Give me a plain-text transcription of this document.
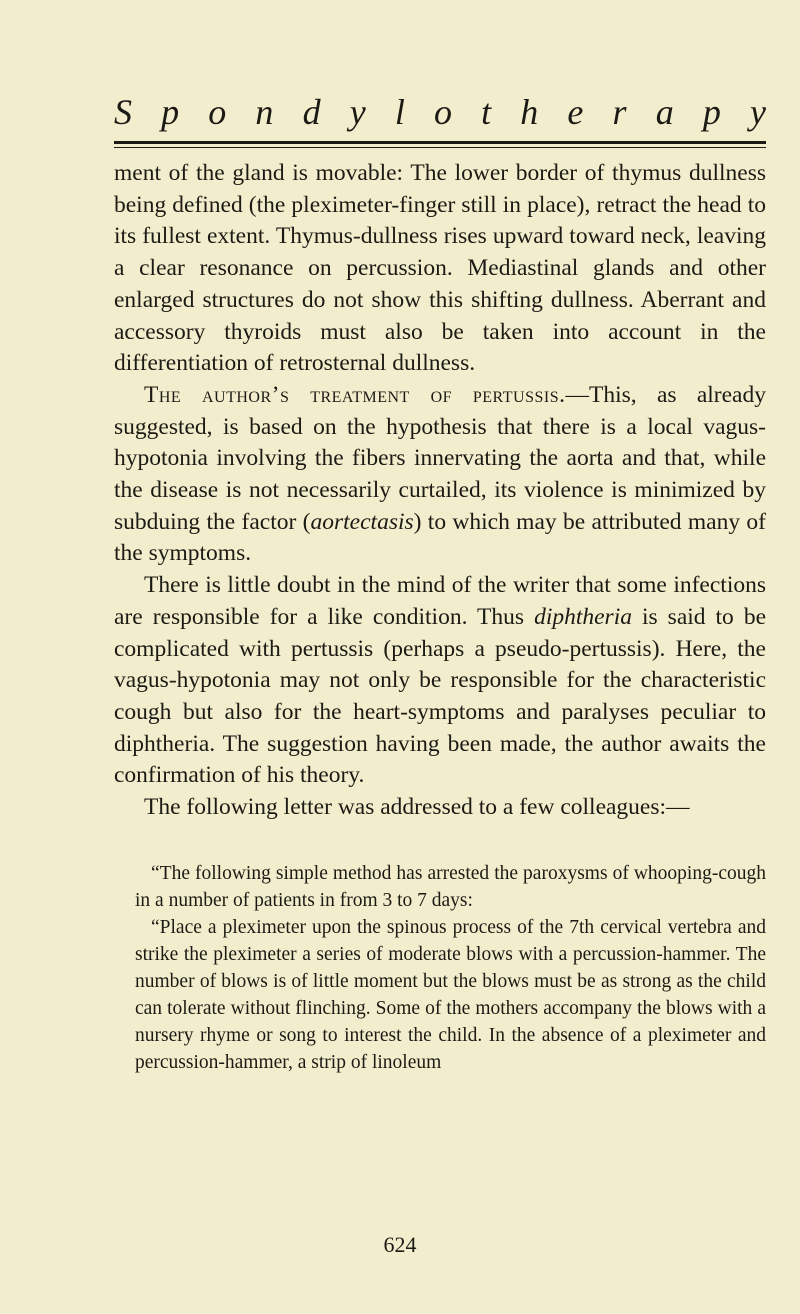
S p o n d y l o t h e r a p y

ment of the gland is movable: The lower border of thymus dullness being defined (the pleximeter-finger still in place), retract the head to its fullest extent. Thymus-dullness rises upward toward neck, leaving a clear resonance on percussion. Mediastinal glands and other enlarged structures do not show this shifting dullness. Aberrant and accessory thyroids must also be taken into account in the differentiation of retrosternal dullness.

The author’s treatment of pertussis.—This, as already suggested, is based on the hypothesis that there is a local vagus-hypotonia involving the fibers innervating the aorta and that, while the disease is not necessarily curtailed, its violence is minimized by subduing the factor (aortectasis) to which may be attributed many of the symptoms.

There is little doubt in the mind of the writer that some infections are responsible for a like condition. Thus diphtheria is said to be complicated with pertussis (perhaps a pseudo-pertussis). Here, the vagus-hypotonia may not only be responsible for the characteristic cough but also for the heart-symptoms and paralyses peculiar to diphtheria. The suggestion having been made, the author awaits the confirmation of his theory.

The following letter was addressed to a few colleagues:—

“The following simple method has arrested the paroxysms of whooping-cough in a number of patients in from 3 to 7 days:

“Place a pleximeter upon the spinous process of the 7th cervical vertebra and strike the pleximeter a series of moderate blows with a percussion-hammer. The number of blows is of little moment but the blows must be as strong as the child can tolerate without flinching. Some of the mothers accompany the blows with a nursery rhyme or song to interest the child. In the absence of a pleximeter and percussion-hammer, a strip of linoleum

624
